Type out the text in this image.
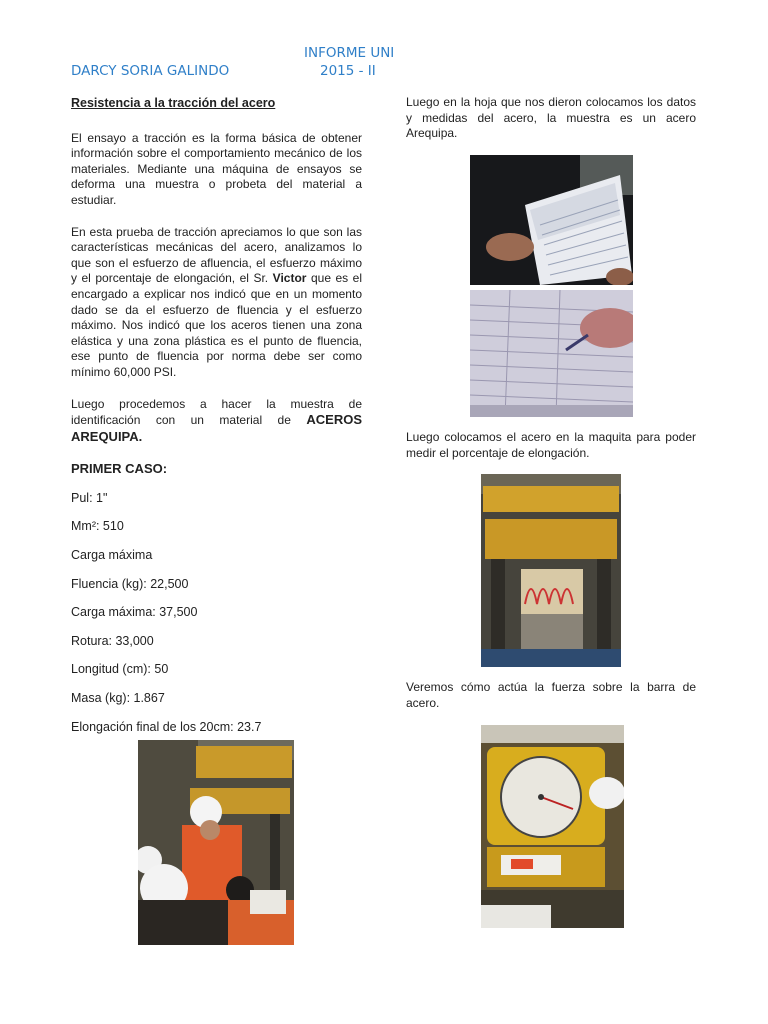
INFORME UNI
DARCY SORIA GALINDO	2015 - II
Resistencia a la tracción del acero

El ensayo a tracción es la forma básica de obtener información sobre el comportamiento mecánico de los materiales. Mediante una máquina de ensayos se deforma una muestra o probeta del material a estudiar.

En esta prueba de tracción apreciamos lo que son las características mecánicas del acero, analizamos lo que son el esfuerzo de afluencia, el esfuerzo máximo y el porcentaje de elongación, el Sr. Victor que es el encargado a explicar nos indicó que en un momento dado se da el esfuerzo de fluencia y el esfuerzo máximo. Nos indicó que los aceros tienen una zona elástica y una zona plástica es el punto de fluencia, ese punto de fluencia por norma debe ser como mínimo 60,000 PSI.

Luego procedemos a hacer la muestra de identificación con un material de ACEROS AREQUIPA.

PRIMER CASO:
Pul: 1"
Mm²: 510
Carga máxima
Fluencia (kg): 22,500
Carga máxima: 37,500
Rotura: 33,000
Longitud (cm): 50
Masa (kg): 1.867
Elongación final de los 20cm: 23.7

Luego en la hoja que nos dieron colocamos los datos y medidas del acero, la muestra es un acero Arequipa.

Luego colocamos el acero en la maquita para poder medir el porcentaje de elongación.

Veremos cómo actúa la fuerza sobre la barra de acero.
